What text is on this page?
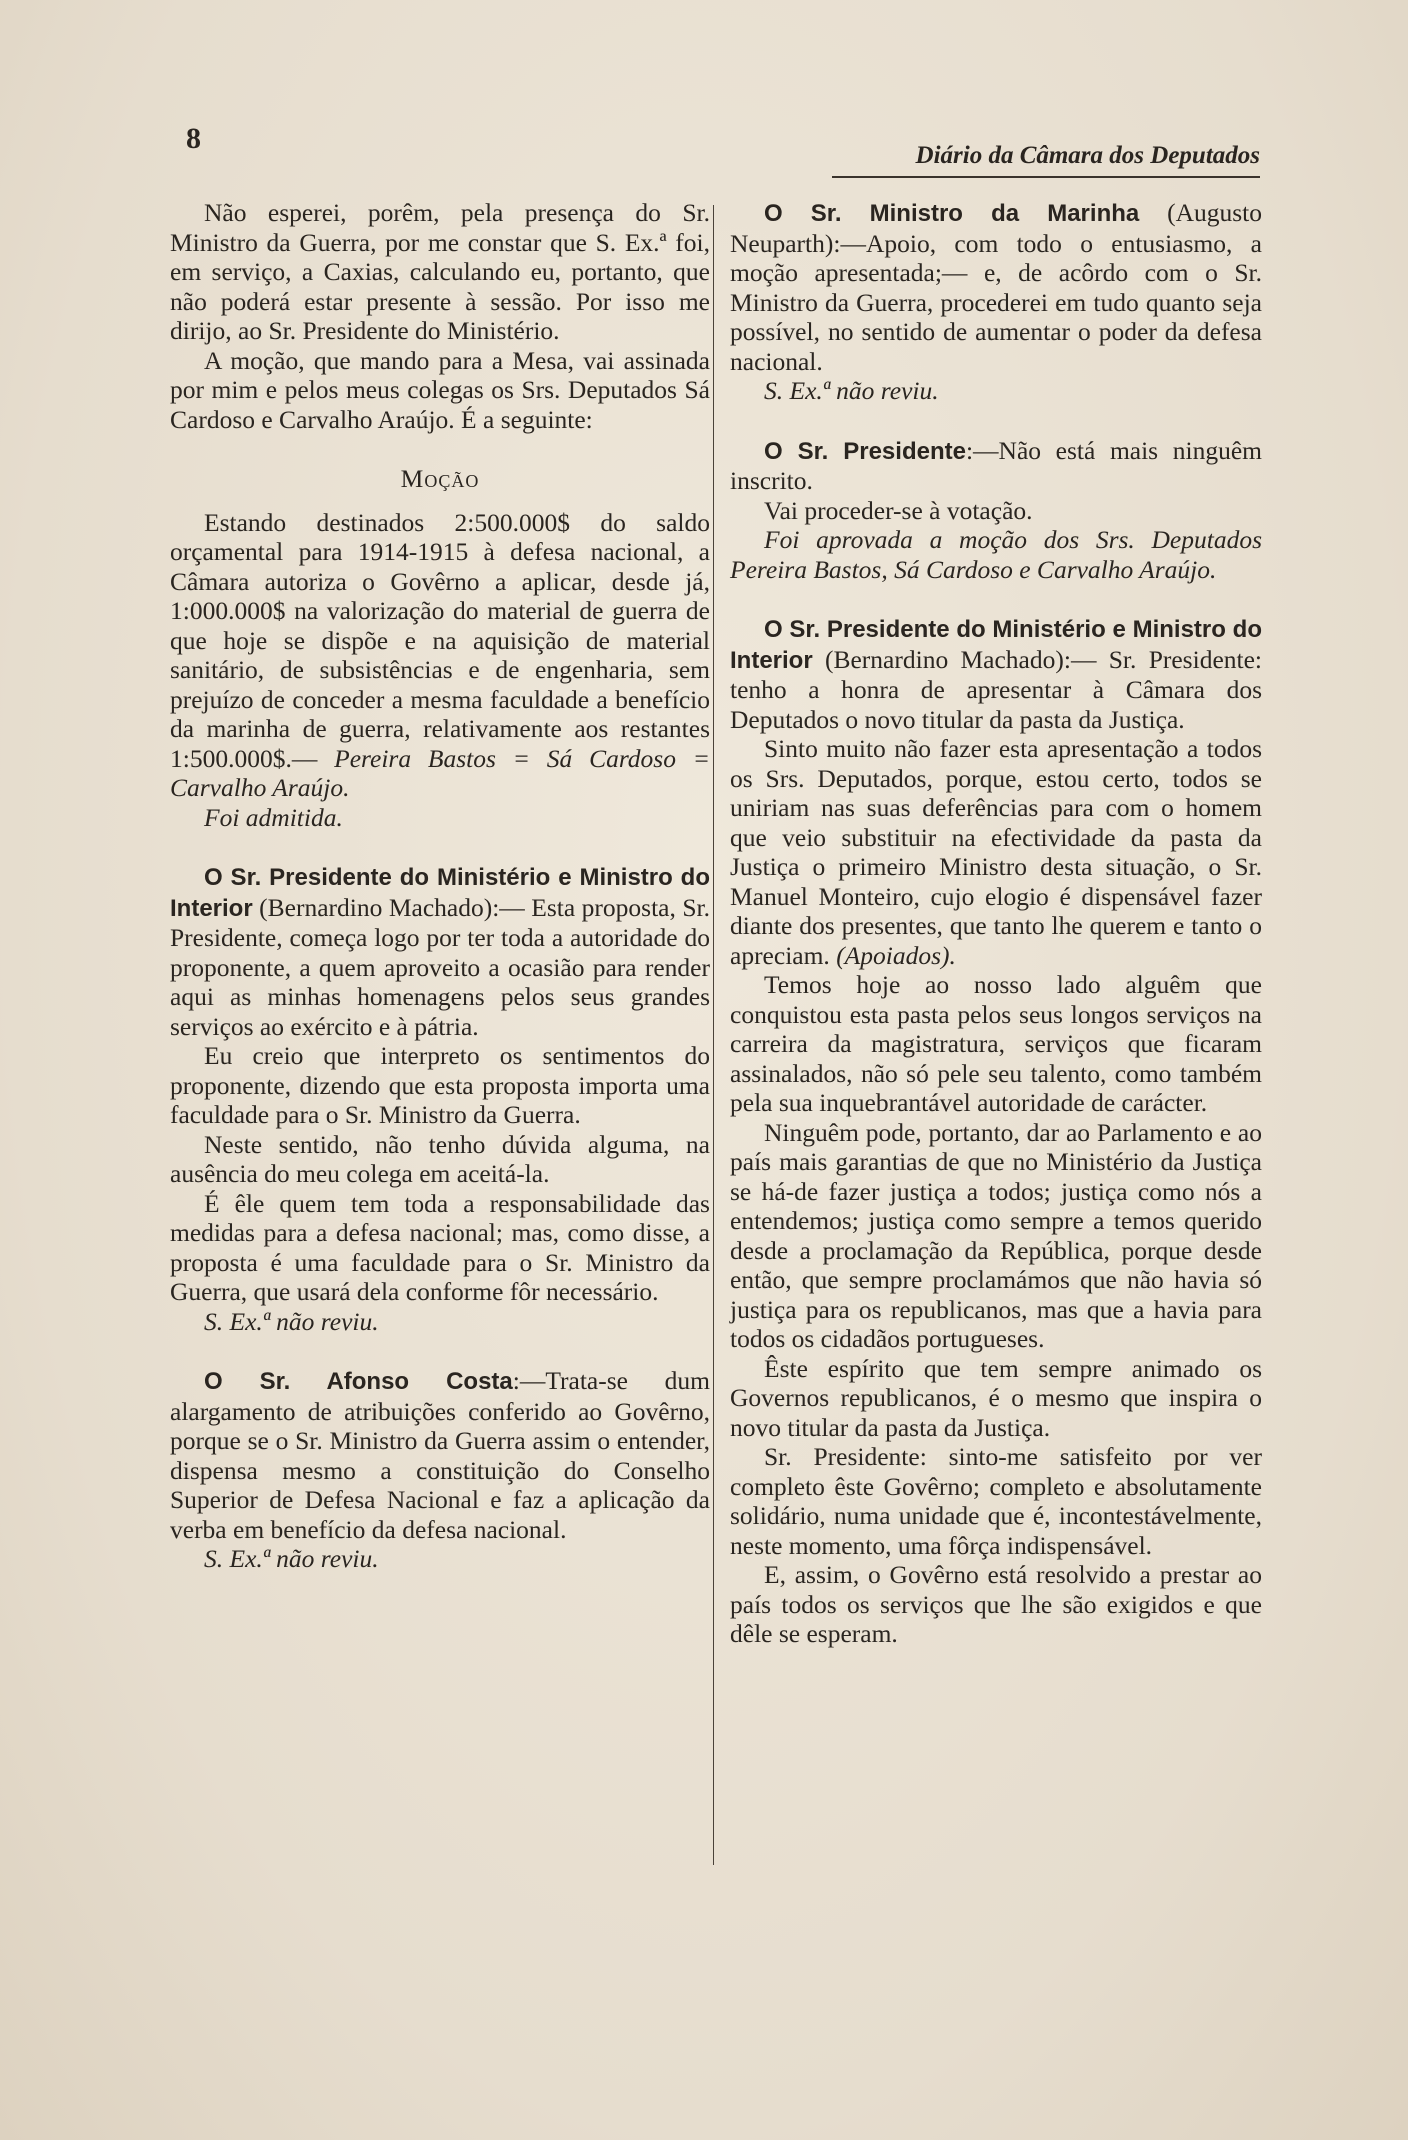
8
Diário da Câmara dos Deputados

Não esperei, porêm, pela presença do Sr. Ministro da Guerra, por me constar que S. Ex.ª foi, em serviço, a Caxias, calculando eu, portanto, que não poderá estar presente à sessão. Por isso me dirijo, ao Sr. Presidente do Ministério.

A moção, que mando para a Mesa, vai assinada por mim e pelos meus colegas os Srs. Deputados Sá Cardoso e Carvalho Araújo. É a seguinte:

Moção

Estando destinados 2:500.000$ do saldo orçamental para 1914-1915 à defesa nacional, a Câmara autoriza o Govêrno a aplicar, desde já, 1:000.000$ na valorização do material de guerra de que hoje se dispõe e na aquisição de material sanitário, de subsistências e de engenharia, sem prejuízo de conceder a mesma faculdade a benefício da marinha de guerra, relativamente aos restantes 1:500.000$.— Pereira Bastos = Sá Cardoso = Carvalho Araújo.

Foi admitida.

O Sr. Presidente do Ministério e Ministro do Interior (Bernardino Machado):— Esta proposta, Sr. Presidente, começa logo por ter toda a autoridade do proponente, a quem aproveito a ocasião para render aqui as minhas homenagens pelos seus grandes serviços ao exército e à pátria.

Eu creio que interpreto os sentimentos do proponente, dizendo que esta proposta importa uma faculdade para o Sr. Ministro da Guerra.

Neste sentido, não tenho dúvida alguma, na ausência do meu colega em aceitá-la.

É êle quem tem toda a responsabilidade das medidas para a defesa nacional; mas, como disse, a proposta é uma faculdade para o Sr. Ministro da Guerra, que usará dela conforme fôr necessário.

S. Ex.ª não reviu.

O Sr. Afonso Costa:—Trata-se dum alargamento de atribuições conferido ao Govêrno, porque se o Sr. Ministro da Guerra assim o entender, dispensa mesmo a constituição do Conselho Superior de Defesa Nacional e faz a aplicação da verba em benefício da defesa nacional.

S. Ex.ª não reviu.

O Sr. Ministro da Marinha (Augusto Neuparth):—Apoio, com todo o entusiasmo, a moção apresentada;— e, de acôrdo com o Sr. Ministro da Guerra, procederei em tudo quanto seja possível, no sentido de aumentar o poder da defesa nacional.

S. Ex.ª não reviu.

O Sr. Presidente:—Não está mais ninguêm inscrito.

Vai proceder-se à votação.

Foi aprovada a moção dos Srs. Deputados Pereira Bastos, Sá Cardoso e Carvalho Araújo.

O Sr. Presidente do Ministério e Ministro do Interior (Bernardino Machado):— Sr. Presidente: tenho a honra de apresentar à Câmara dos Deputados o novo titular da pasta da Justiça.

Sinto muito não fazer esta apresentação a todos os Srs. Deputados, porque, estou certo, todos se uniriam nas suas deferências para com o homem que veio substituir na efectividade da pasta da Justiça o primeiro Ministro desta situação, o Sr. Manuel Monteiro, cujo elogio é dispensável fazer diante dos presentes, que tanto lhe querem e tanto o apreciam. (Apoiados).

Temos hoje ao nosso lado alguêm que conquistou esta pasta pelos seus longos serviços na carreira da magistratura, serviços que ficaram assinalados, não só pele seu talento, como também pela sua inquebrantável autoridade de carácter.

Ninguêm pode, portanto, dar ao Parlamento e ao país mais garantias de que no Ministério da Justiça se há-de fazer justiça a todos; justiça como nós a entendemos; justiça como sempre a temos querido desde a proclamação da República, porque desde então, que sempre proclamámos que não havia só justiça para os republicanos, mas que a havia para todos os cidadãos portugueses.

Êste espírito que tem sempre animado os Governos republicanos, é o mesmo que inspira o novo titular da pasta da Justiça.

Sr. Presidente: sinto-me satisfeito por ver completo êste Govêrno; completo e absolutamente solidário, numa unidade que é, incontestávelmente, neste momento, uma fôrça indispensável.

E, assim, o Govêrno está resolvido a prestar ao país todos os serviços que lhe são exigidos e que dêle se esperam.
